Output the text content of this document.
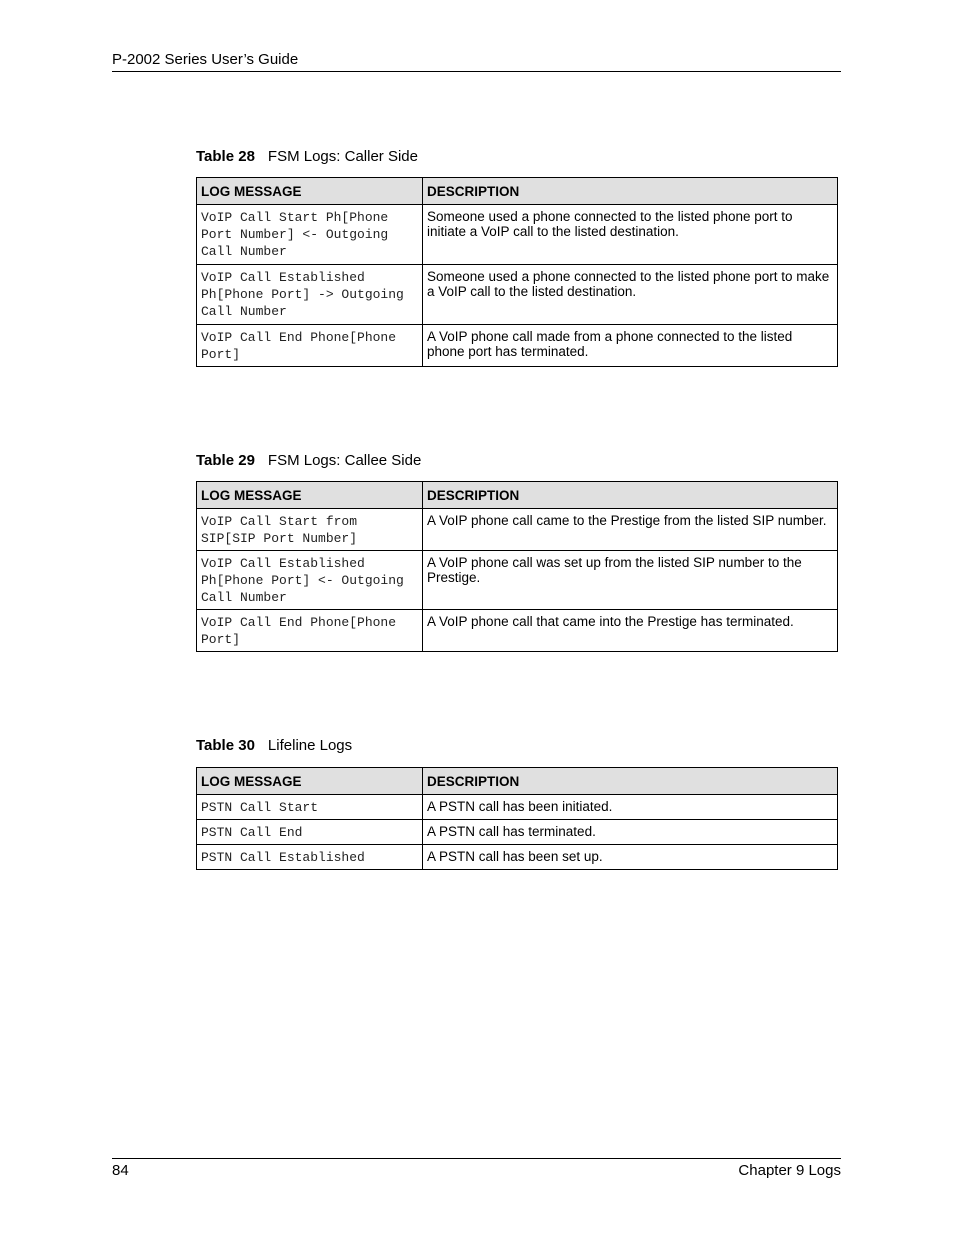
P-2002 Series User’s Guide
Table 28 FSM Logs: Caller Side
LOG MESSAGE	DESCRIPTION
VoIP Call Start Ph[Phone
Port Number] <- Outgoing
Call Number	Someone used a phone connected to the listed phone port to initiate a VoIP call to the listed destination.
VoIP Call Established
Ph[Phone Port] -> Outgoing
Call Number	Someone used a phone connected to the listed phone port to make a VoIP call to the listed destination.
VoIP Call End Phone[Phone
Port]	A VoIP phone call made from a phone connected to the listed phone port has terminated.
Table 29 FSM Logs: Callee Side
LOG MESSAGE	DESCRIPTION
VoIP Call Start from
SIP[SIP Port Number]	A VoIP phone call came to the Prestige from the listed SIP number.
VoIP Call Established
Ph[Phone Port] <- Outgoing
Call Number	A VoIP phone call was set up from the listed SIP number to the Prestige.
VoIP Call End Phone[Phone
Port]	A VoIP phone call that came into the Prestige has terminated.
Table 30 Lifeline Logs
LOG MESSAGE	DESCRIPTION
PSTN Call Start	A PSTN call has been initiated.
PSTN Call End	A PSTN call has terminated.
PSTN Call Established	A PSTN call has been set up.
84	Chapter 9 Logs
